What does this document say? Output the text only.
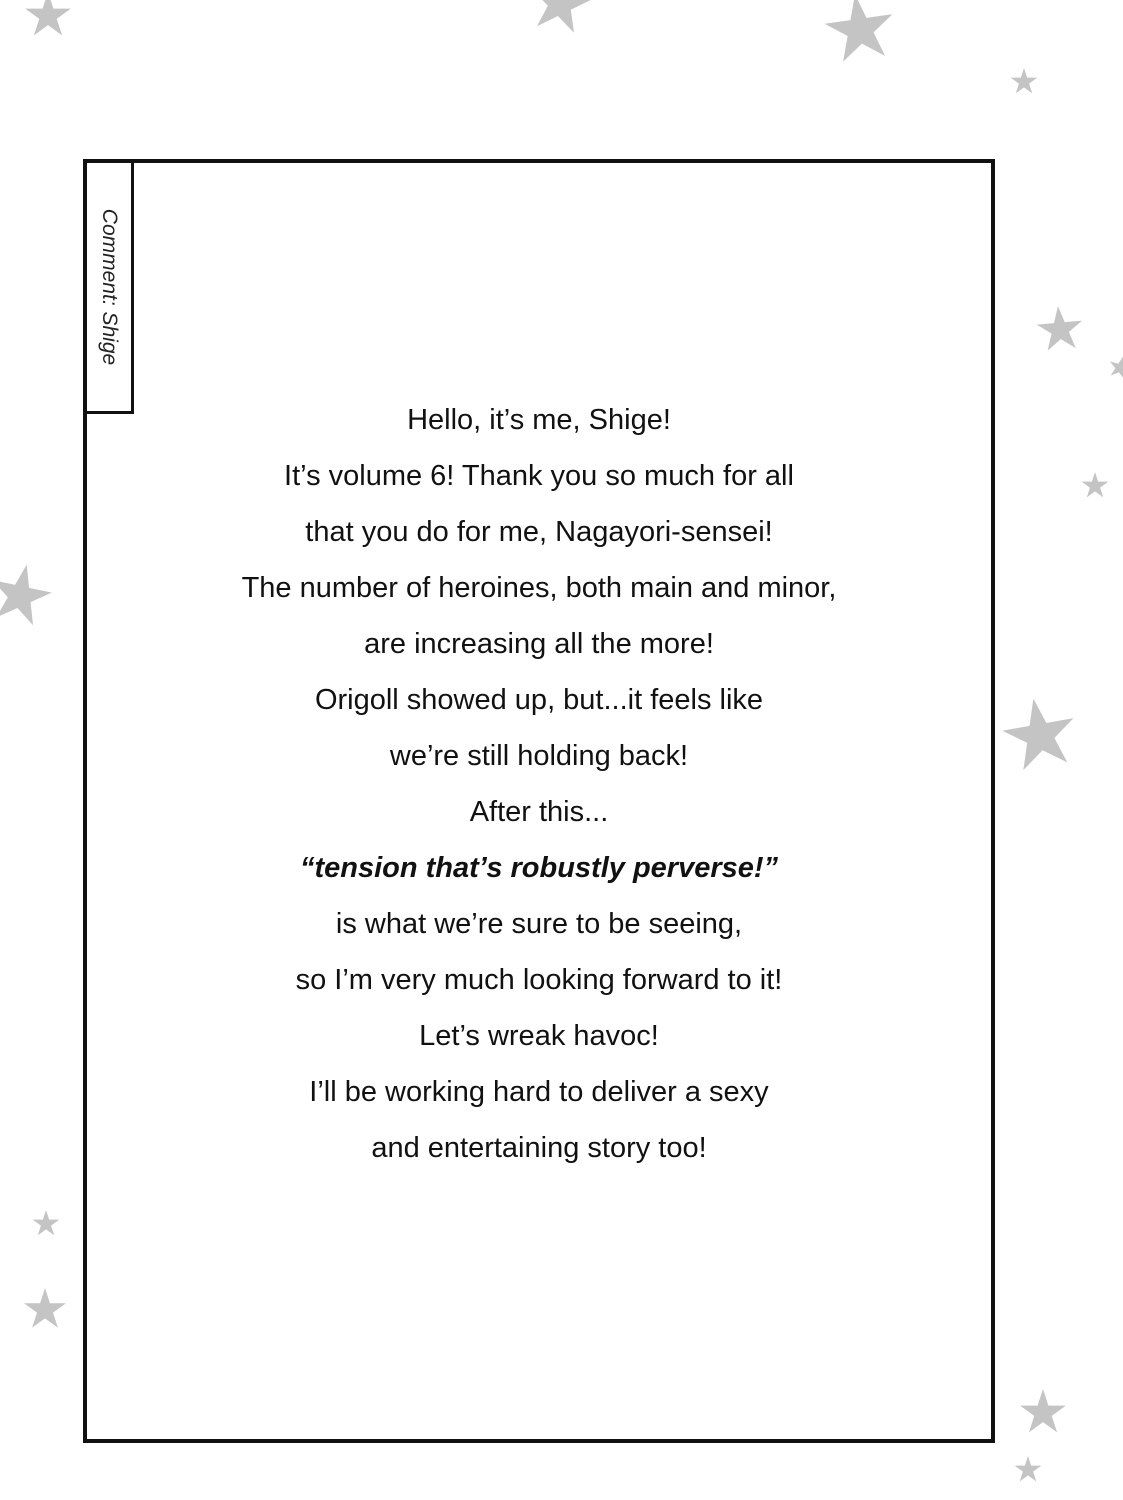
Comment: Shige
Hello, it’s me, Shige!
It’s volume 6! Thank you so much for all
that you do for me, Nagayori-sensei!
The number of heroines, both main and minor,
are increasing all the more!
Origoll showed up, but...it feels like
we’re still holding back!
After this...
“tension that’s robustly perverse!”
is what we’re sure to be seeing,
so I’m very much looking forward to it!
Let’s wreak havoc!
I’ll be working hard to deliver a sexy
and entertaining story too!
